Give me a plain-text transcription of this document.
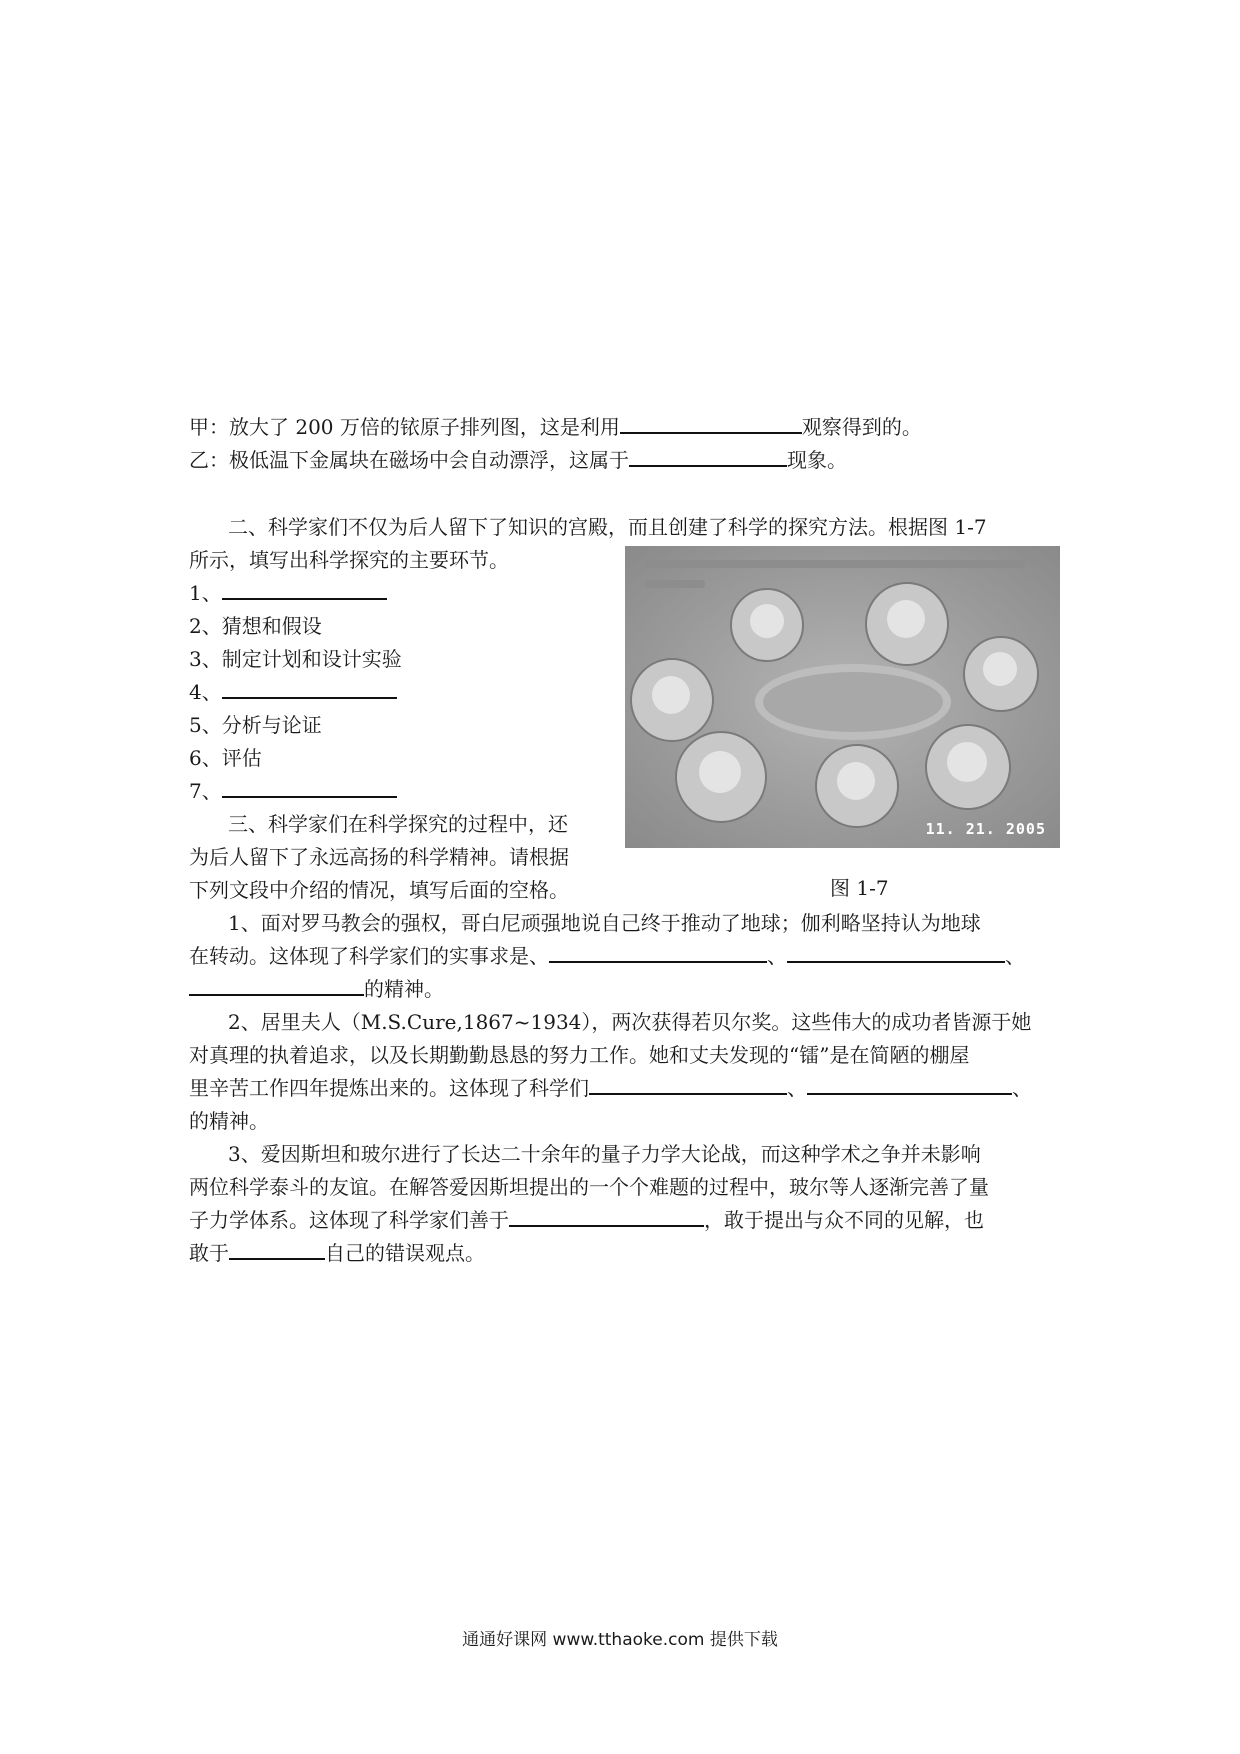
甲：放大了 200 万倍的铱原子排列图，这是利用	观察得到的。
乙：极低温下金属块在磁场中会自动漂浮，这属于	现象。
二、科学家们不仅为后人留下了知识的宫殿，而且创建了科学的探究方法。根据图 1-7
所示，填写出科学探究的主要环节。
1、
2、猜想和假设
3、制定计划和设计实验
4、
5、分析与论证
6、评估
7、
三、科学家们在科学探究的过程中，还
为后人留下了永远高扬的科学精神。请根据
下列文段中介绍的情况，填写后面的空格。
11. 21. 2005
图 1-7
1、面对罗马教会的强权，哥白尼顽强地说自己终于推动了地球；伽利略坚持认为地球
在转动。这体现了科学家们的实事求是、	、	、
的精神。
2、居里夫人（M.S.Cure,1867~1934），两次获得若贝尔奖。这些伟大的成功者皆源于她
对真理的执着追求，以及长期勤勤恳恳的努力工作。她和丈夫发现的“镭”是在简陋的棚屋
里辛苦工作四年提炼出来的。这体现了科学们	、	、
的精神。
3、爱因斯坦和玻尔进行了长达二十余年的量子力学大论战，而这种学术之争并未影响
两位科学泰斗的友谊。在解答爱因斯坦提出的一个个难题的过程中，玻尔等人逐渐完善了量
子力学体系。这体现了科学家们善于	，敢于提出与众不同的见解，也
敢于	自己的错误观点。
通通好课网 www.tthaoke.com 提供下载
